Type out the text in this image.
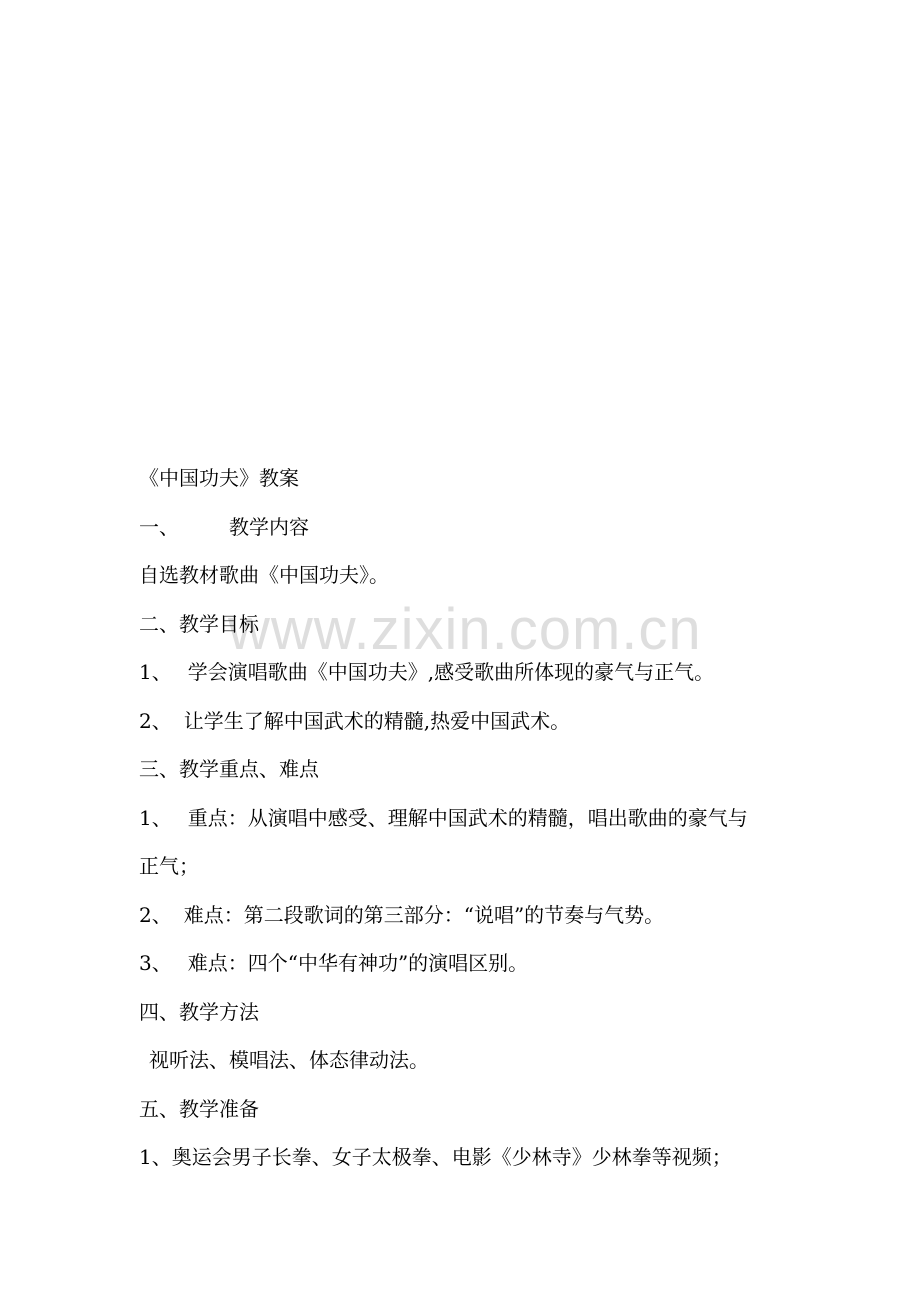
www.zixin.com.cn

《中国功夫》教案

一、	教学内容

自选教材歌曲《中国功夫》。

二、教学目标

1、 学会演唱歌曲《中国功夫》,感受歌曲所体现的豪气与正气。

2、 让学生了解中国武术的精髓,热爱中国武术。

三、教学重点、难点

1、 重点：从演唱中感受、理解中国武术的精髓，唱出歌曲的豪气与

正气；

2、 难点：第二段歌词的第三部分：“说唱”的节奏与气势。

3、 难点：四个“中华有神功”的演唱区别。

四、教学方法

视听法、模唱法、体态律动法。

五、教学准备

1、奥运会男子长拳、女子太极拳、电影《少林寺》少林拳等视频；
